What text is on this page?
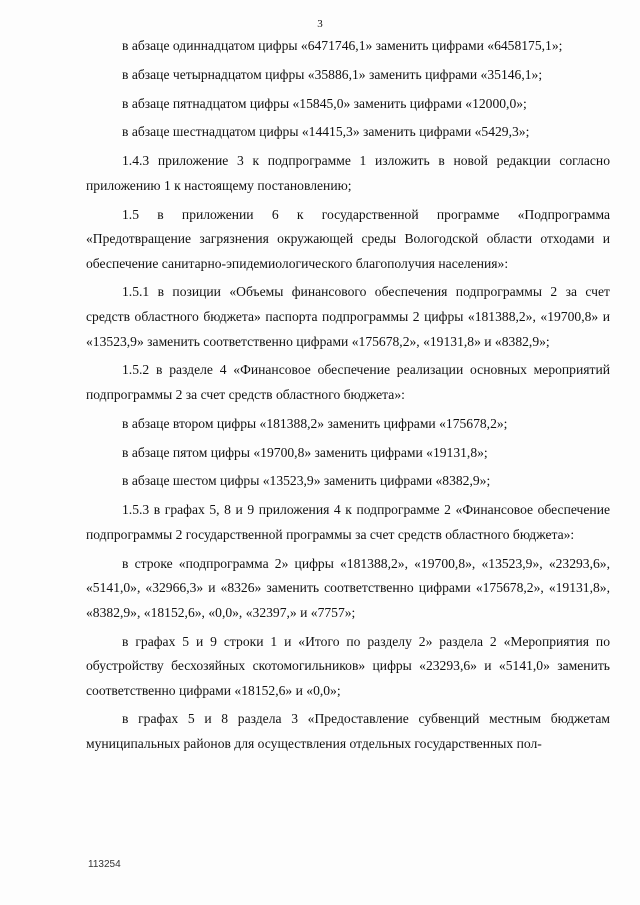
3

в абзаце одиннадцатом цифры «6471746,1» заменить цифрами «6458175,1»;

в абзаце четырнадцатом цифры «35886,1» заменить цифрами «35146,1»;

в абзаце пятнадцатом цифры «15845,0» заменить цифрами «12000,0»;

в абзаце шестнадцатом цифры «14415,3» заменить цифрами «5429,3»;

1.4.3 приложение 3 к подпрограмме 1 изложить в новой редакции согласно приложению 1 к настоящему постановлению;

1.5 в приложении 6 к государственной программе «Подпрограмма «Предотвращение загрязнения окружающей среды Вологодской области отходами и обеспечение санитарно-эпидемиологического благополучия населения»:

1.5.1 в позиции «Объемы финансового обеспечения подпрограммы 2 за счет средств областного бюджета» паспорта подпрограммы 2 цифры «181388,2», «19700,8» и «13523,9» заменить соответственно цифрами «175678,2», «19131,8» и «8382,9»;

1.5.2 в разделе 4 «Финансовое обеспечение реализации основных мероприятий подпрограммы 2 за счет средств областного бюджета»:

в абзаце втором цифры «181388,2» заменить цифрами «175678,2»;

в абзаце пятом цифры «19700,8» заменить цифрами «19131,8»;

в абзаце шестом цифры «13523,9» заменить цифрами «8382,9»;

1.5.3 в графах 5, 8 и 9 приложения 4 к подпрограмме 2 «Финансовое обеспечение подпрограммы 2 государственной программы за счет средств областного бюджета»:

в строке «подпрограмма 2» цифры «181388,2», «19700,8», «13523,9», «23293,6», «5141,0», «32966,3» и «8326» заменить соответственно цифрами «175678,2», «19131,8», «8382,9», «18152,6», «0,0», «32397,» и «7757»;

в графах 5 и 9 строки 1 и «Итого по разделу 2» раздела 2 «Мероприятия по обустройству бесхозяйных скотомогильников» цифры «23293,6» и «5141,0» заменить соответственно цифрами «18152,6» и «0,0»;

в графах 5 и 8 раздела 3 «Предоставление субвенций местным бюджетам муниципальных районов для осуществления отдельных государственных пол-

113254
